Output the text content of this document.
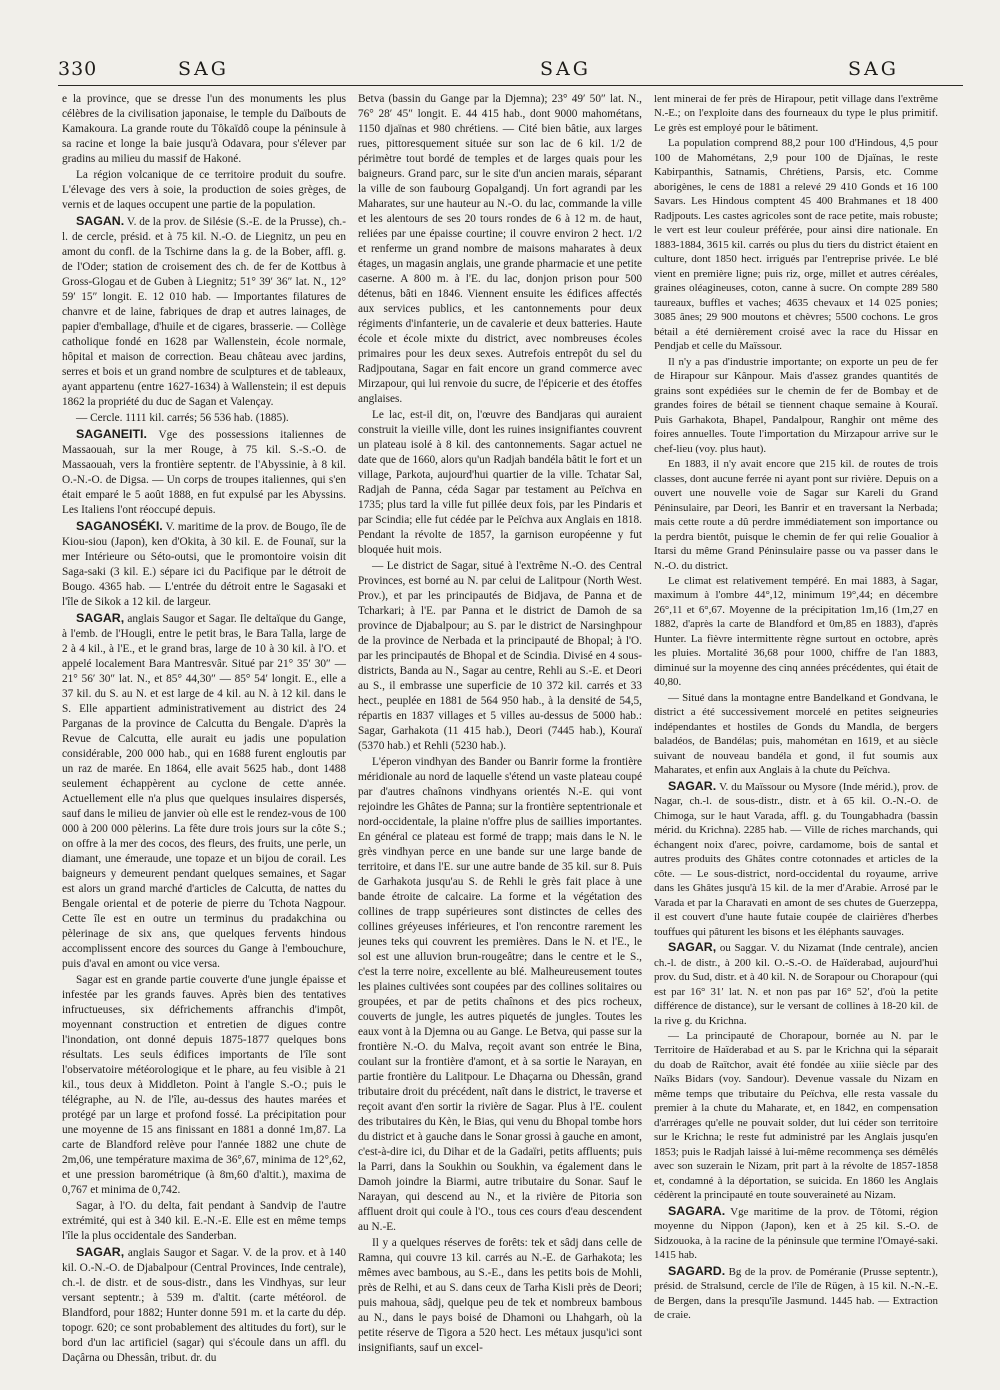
330	SAG	SAG	SAG

e la province, que se dresse l'un des monuments les plus célèbres de la civilisation japonaise, le temple du Daïbouts de Kamakoura. La grande route du Tôkaïdô coupe la péninsule à sa racine et longe la baie jusqu'à Odavara, pour s'élever par gradins au milieu du massif de Hakoné.

La région volcanique de ce territoire produit du soufre. L'élevage des vers à soie, la production de soies grèges, de vernis et de laques occupent une partie de la population.

SAGAN. V. de la prov. de Silésie (S.-E. de la Prusse), ch.-l. de cercle, présid. et à 75 kil. N.-O. de Liegnitz, un peu en amont du confl. de la Tschirne dans la g. de la Bober, affl. g. de l'Oder; station de croisement des ch. de fer de Kottbus à Gross-Glogau et de Guben à Liegnitz; 51° 39′ 36″ lat. N., 12° 59′ 15″ longit. E. 12 010 hab. — Importantes filatures de chanvre et de laine, fabriques de drap et autres lainages, de papier d'emballage, d'huile et de cigares, brasserie. — Collège catholique fondé en 1628 par Wallenstein, école normale, hôpital et maison de correction. Beau château avec jardins, serres et bois et un grand nombre de sculptures et de tableaux, ayant appartenu (entre 1627-1634) à Wallenstein; il est depuis 1862 la propriété du duc de Sagan et Valençay.

— Cercle. 1111 kil. carrés; 56 536 hab. (1885).

SAGANEITI. Vge des possessions italiennes de Massaouah, sur la mer Rouge, à 75 kil. S.-S.-O. de Massaouah, vers la frontière septentr. de l'Abyssinie, à 8 kil. O.-N.-O. de Digsa. — Un corps de troupes italiennes, qui s'en était emparé le 5 août 1888, en fut expulsé par les Abyssins. Les Italiens l'ont réoccupé depuis.

SAGANOSÉKI. V. maritime de la prov. de Bougo, île de Kiou-siou (Japon), ken d'Okita, à 30 kil. E. de Founaï, sur la mer Intérieure ou Séto-outsi, que le promontoire voisin dit Saga-saki (3 kil. E.) sépare ici du Pacifique par le détroit de Bougo. 4365 hab. — L'entrée du détroit entre le Sagasaki et l'île de Sikok a 12 kil. de largeur.

SAGAR, anglais Saugor et Sagar. Ile deltaïque du Gange, à l'emb. de l'Hougli, entre le petit bras, le Bara Talla, large de 2 à 4 kil., à l'E., et le grand bras, large de 10 à 30 kil. à l'O. et appelé localement Bara Mantresvâr. Situé par 21° 35′ 30″ — 21° 56′ 30″ lat. N., et 85° 44,30″ — 85° 54′ longit. E., elle a 37 kil. du S. au N. et est large de 4 kil. au N. à 12 kil. dans le S. Elle appartient administrativement au district des 24 Parganas de la province de Calcutta du Bengale. D'après la Revue de Calcutta, elle aurait eu jadis une population considérable, 200 000 hab., qui en 1688 furent engloutis par un raz de marée. En 1864, elle avait 5625 hab., dont 1488 seulement échappèrent au cyclone de cette année. Actuellement elle n'a plus que quelques insulaires dispersés, sauf dans le milieu de janvier où elle est le rendez-vous de 100 000 à 200 000 pèlerins. La fête dure trois jours sur la côte S.; on offre à la mer des cocos, des fleurs, des fruits, une perle, un diamant, une émeraude, une topaze et un bijou de corail. Les baigneurs y demeurent pendant quelques semaines, et Sagar est alors un grand marché d'articles de Calcutta, de nattes du Bengale oriental et de poterie de pierre du Tchota Nagpour. Cette île est en outre un terminus du pradakchina ou pèlerinage de six ans, que quelques fervents hindous accomplissent encore des sources du Gange à l'embouchure, puis d'aval en amont ou vice versa.

Sagar est en grande partie couverte d'une jungle épaisse et infestée par les grands fauves. Après bien des tentatives infructueuses, six défrichements affranchis d'impôt, moyennant construction et entretien de digues contre l'inondation, ont donné depuis 1875-1877 quelques bons résultats. Les seuls édifices importants de l'île sont l'observatoire météorologique et le phare, au feu visible à 21 kil., tous deux à Middleton. Point à l'angle S.-O.; puis le télégraphe, au N. de l'île, au-dessus des hautes marées et protégé par un large et profond fossé. La précipitation pour une moyenne de 15 ans finissant en 1881 a donné 1m,87. La carte de Blandford relève pour l'année 1882 une chute de 2m,06, une température maxima de 36°,67, minima de 12°,62, et une pression barométrique (à 8m,60 d'altit.), maxima de 0,767 et minima de 0,742.

Sagar, à l'O. du delta, fait pendant à Sandvip de l'autre extrémité, qui est à 340 kil. E.-N.-E. Elle est en même temps l'île la plus occidentale des Sanderban.

SAGAR, anglais Saugor et Sagar. V. de la prov. et à 140 kil. O.-N.-O. de Djabalpour (Central Provinces, Inde centrale), ch.-l. de distr. et de sous-distr., dans les Vindhyas, sur leur versant septentr.; à 539 m. d'altit. (carte météorol. de Blandford, pour 1882; Hunter donne 591 m. et la carte du dép. topogr. 620; ce sont probablement des altitudes du fort), sur le bord d'un lac artificiel (sagar) qui s'écoule dans un affl. du Daçârna ou Dhessân, tribut. dr. du

Betva (bassin du Gange par la Djemna); 23° 49′ 50″ lat. N., 76° 28′ 45″ longit. E. 44 415 hab., dont 9000 mahométans, 1150 djaïnas et 980 chrétiens. — Cité bien bâtie, aux larges rues, pittoresquement située sur son lac de 6 kil. 1/2 de périmètre tout bordé de temples et de larges quais pour les baigneurs. Grand parc, sur le site d'un ancien marais, séparant la ville de son faubourg Gopalgandj. Un fort agrandi par les Maharates, sur une hauteur au N.-O. du lac, commande la ville et les alentours de ses 20 tours rondes de 6 à 12 m. de haut, reliées par une épaisse courtine; il couvre environ 2 hect. 1/2 et renferme un grand nombre de maisons maharates à deux étages, un magasin anglais, une grande pharmacie et une petite caserne. A 800 m. à l'E. du lac, donjon prison pour 500 détenus, bâti en 1846. Viennent ensuite les édifices affectés aux services publics, et les cantonnements pour deux régiments d'infanterie, un de cavalerie et deux batteries. Haute école et école mixte du district, avec nombreuses écoles primaires pour les deux sexes. Autrefois entrepôt du sel du Radjpoutana, Sagar en fait encore un grand commerce avec Mirzapour, qui lui renvoie du sucre, de l'épicerie et des étoffes anglaises.

Le lac, est-il dit, on, l'œuvre des Bandjaras qui auraient construit la vieille ville, dont les ruines insignifiantes couvrent un plateau isolé à 8 kil. des cantonnements. Sagar actuel ne date que de 1660, alors qu'un Radjah bandéla bâtit le fort et un village, Parkota, aujourd'hui quartier de la ville. Tchatar Sal, Radjah de Panna, céda Sagar par testament au Peïchva en 1735; plus tard la ville fut pillée deux fois, par les Pindaris et par Scindia; elle fut cédée par le Peïchva aux Anglais en 1818. Pendant la révolte de 1857, la garnison européenne y fut bloquée huit mois.

— Le district de Sagar, situé à l'extrême N.-O. des Central Provinces, est borné au N. par celui de Lalitpour (North West. Prov.), et par les principautés de Bidjava, de Panna et de Tcharkari; à l'E. par Panna et le district de Damoh de sa province de Djabalpour; au S. par le district de Narsinghpour de la province de Nerbada et la principauté de Bhopal; à l'O. par les principautés de Bhopal et de Scindia. Divisé en 4 sous-districts, Banda au N., Sagar au centre, Rehli au S.-E. et Deori au S., il embrasse une superficie de 10 372 kil. carrés et 33 hect., peuplée en 1881 de 564 950 hab., à la densité de 54,5, répartis en 1837 villages et 5 villes au-dessus de 5000 hab.: Sagar, Garhakota (11 415 hab.), Deori (7445 hab.), Kouraï (5370 hab.) et Rehli (5230 hab.).

L'éperon vindhyan des Bander ou Banrir forme la frontière méridionale au nord de laquelle s'étend un vaste plateau coupé par d'autres chaînons vindhyans orientés N.-E. qui vont rejoindre les Ghâtes de Panna; sur la frontière septentrionale et nord-occidentale, la plaine n'offre plus de saillies importantes. En général ce plateau est formé de trapp; mais dans le N. le grès vindhyan perce en une bande sur une large bande de territoire, et dans l'E. sur une autre bande de 35 kil. sur 8. Puis de Garhakota jusqu'au S. de Rehli le grès fait place à une bande étroite de calcaire. La forme et la végétation des collines de trapp supérieures sont distinctes de celles des collines gréyeuses inférieures, et l'on rencontre rarement les jeunes teks qui couvrent les premières. Dans le N. et l'E., le sol est une alluvion brun-rougeâtre; dans le centre et le S., c'est la terre noire, excellente au blé. Malheureusement toutes les plaines cultivées sont coupées par des collines solitaires ou groupées, et par de petits chaînons et des pics rocheux, couverts de jungle, les autres piquetés de jungles. Toutes les eaux vont à la Djemna ou au Gange. Le Betva, qui passe sur la frontière N.-O. du Malva, reçoit avant son entrée le Bina, coulant sur la frontière d'amont, et à sa sortie le Narayan, en partie frontière du Lalitpour. Le Dhaçarna ou Dhessân, grand tributaire droit du précédent, naît dans le district, le traverse et reçoit avant d'en sortir la rivière de Sagar. Plus à l'E. coulent des tributaires du Kèn, le Bias, qui venu du Bhopal tombe hors du district et à gauche dans le Sonar grossi à gauche en amont, c'est-à-dire ici, du Dihar et de la Gadaïri, petits affluents; puis la Parri, dans la Soukhin ou Soukhin, va également dans le Damoh joindre la Biarmi, autre tributaire du Sonar. Sauf le Narayan, qui descend au N., et la rivière de Pitoria son affluent droit qui coule à l'O., tous ces cours d'eau descendent au N.-E.

Il y a quelques réserves de forêts: tek et sâdj dans celle de Ramna, qui couvre 13 kil. carrés au N.-E. de Garhakota; les mêmes avec bambous, au S.-E., dans les petits bois de Mohli, près de Relhi, et au S. dans ceux de Tarha Kisli près de Deori; puis mahoua, sâdj, quelque peu de tek et nombreux bambous au N., dans le pays boisé de Dhamoni ou Lhahgarh, où la petite réserve de Tigora a 520 hect. Les métaux jusqu'ici sont insignifiants, sauf un excel-

lent minerai de fer près de Hirapour, petit village dans l'extrême N.-E.; on l'exploite dans des fourneaux du type le plus primitif. Le grès est employé pour le bâtiment.

La population comprend 88,2 pour 100 d'Hindous, 4,5 pour 100 de Mahométans, 2,9 pour 100 de Djaïnas, le reste Kabirpanthis, Satnamis, Chrétiens, Parsis, etc. Comme aborigènes, le cens de 1881 a relevé 29 410 Gonds et 16 100 Savars. Les Hindous comptent 45 400 Brahmanes et 18 400 Radjpouts. Les castes agricoles sont de race petite, mais robuste; le vert est leur couleur préférée, pour ainsi dire nationale. En 1883-1884, 3615 kil. carrés ou plus du tiers du district étaient en culture, dont 1850 hect. irrigués par l'entreprise privée. Le blé vient en première ligne; puis riz, orge, millet et autres céréales, graines oléagineuses, coton, canne à sucre. On compte 289 580 taureaux, buffles et vaches; 4635 chevaux et 14 025 ponies; 3085 ânes; 29 900 moutons et chèvres; 5500 cochons. Le gros bétail a été dernièrement croisé avec la race du Hissar en Pendjab et celle du Maïssour.

Il n'y a pas d'industrie importante; on exporte un peu de fer de Hirapour sur Kânpour. Mais d'assez grandes quantités de grains sont expédiées sur le chemin de fer de Bombay et de grandes foires de bétail se tiennent chaque semaine à Kouraï. Puis Garhakota, Bhapel, Pandalpour, Ranghir ont même des foires annuelles. Toute l'importation du Mirzapour arrive sur le chef-lieu (voy. plus haut).

En 1883, il n'y avait encore que 215 kil. de routes de trois classes, dont aucune ferrée ni ayant pont sur rivière. Depuis on a ouvert une nouvelle voie de Sagar sur Kareli du Grand Péninsulaire, par Deori, les Banrir et en traversant la Nerbada; mais cette route a dû perdre immédiatement son importance ou la perdra bientôt, puisque le chemin de fer qui relie Goualior à Itarsi du même Grand Péninsulaire passe ou va passer dans le N.-O. du district.

Le climat est relativement tempéré. En mai 1883, à Sagar, maximum à l'ombre 44°,12, minimum 19°,44; en décembre 26°,11 et 6°,67. Moyenne de la précipitation 1m,16 (1m,27 en 1882, d'après la carte de Blandford et 0m,85 en 1883), d'après Hunter. La fièvre intermittente règne surtout en octobre, après les pluies. Mortalité 36,68 pour 1000, chiffre de l'an 1883, diminué sur la moyenne des cinq années précédentes, qui était de 40,80.

— Situé dans la montagne entre Bandelkand et Gondvana, le district a été successivement morcelé en petites seigneuries indépendantes et hostiles de Gonds du Mandla, de bergers baladéos, de Bandélas; puis, mahométan en 1619, et au siècle suivant de nouveau bandéla et gond, il fut soumis aux Maharates, et enfin aux Anglais à la chute du Peïchva.

SAGAR. V. du Maïssour ou Mysore (Inde mérid.), prov. de Nagar, ch.-l. de sous-distr., distr. et à 65 kil. O.-N.-O. de Chimoga, sur le haut Varada, affl. g. du Toungabhadra (bassin mérid. du Krichna). 2285 hab. — Ville de riches marchands, qui échangent noix d'arec, poivre, cardamome, bois de santal et autres produits des Ghâtes contre cotonnades et articles de la côte. — Le sous-district, nord-occidental du royaume, arrive dans les Ghâtes jusqu'à 15 kil. de la mer d'Arabie. Arrosé par le Varada et par la Charavati en amont de ses chutes de Guerzeppa, il est couvert d'une haute futaie coupée de clairières d'herbes touffues qui pâturent les bisons et les éléphants sauvages.

SAGAR, ou Saggar. V. du Nizamat (Inde centrale), ancien ch.-l. de distr., à 200 kil. O.-S.-O. de Haïderabad, aujourd'hui prov. du Sud, distr. et à 40 kil. N. de Sorapour ou Chorapour (qui est par 16° 31′ lat. N. et non pas par 16° 52′, d'où la petite différence de distance), sur le versant de collines à 18-20 kil. de la rive g. du Krichna.

— La principauté de Chorapour, bornée au N. par le Territoire de Haïderabad et au S. par le Krichna qui la séparait du doab de Raïtchor, avait été fondée au xiiie siècle par des Naïks Bidars (voy. Sandour). Devenue vassale du Nizam en même temps que tributaire du Peïchva, elle resta vassale du premier à la chute du Maharate, et, en 1842, en compensation d'arrérages qu'elle ne pouvait solder, dut lui céder son territoire sur le Krichna; le reste fut administré par les Anglais jusqu'en 1853; puis le Radjah laissé à lui-même recommença ses démêlés avec son suzerain le Nizam, prit part à la révolte de 1857-1858 et, condamné à la déportation, se suicida. En 1860 les Anglais cédèrent la principauté en toute souveraineté au Nizam.

SAGARA. Vge maritime de la prov. de Tôtomi, région moyenne du Nippon (Japon), ken et à 25 kil. S.-O. de Sidzouoka, à la racine de la péninsule que termine l'Omayé-saki. 1415 hab.

SAGARD. Bg de la prov. de Poméranie (Prusse septentr.), présid. de Stralsund, cercle de l'île de Rügen, à 15 kil. N.-N.-E. de Bergen, dans la presqu'île Jasmund. 1445 hab. — Extraction de craie.
